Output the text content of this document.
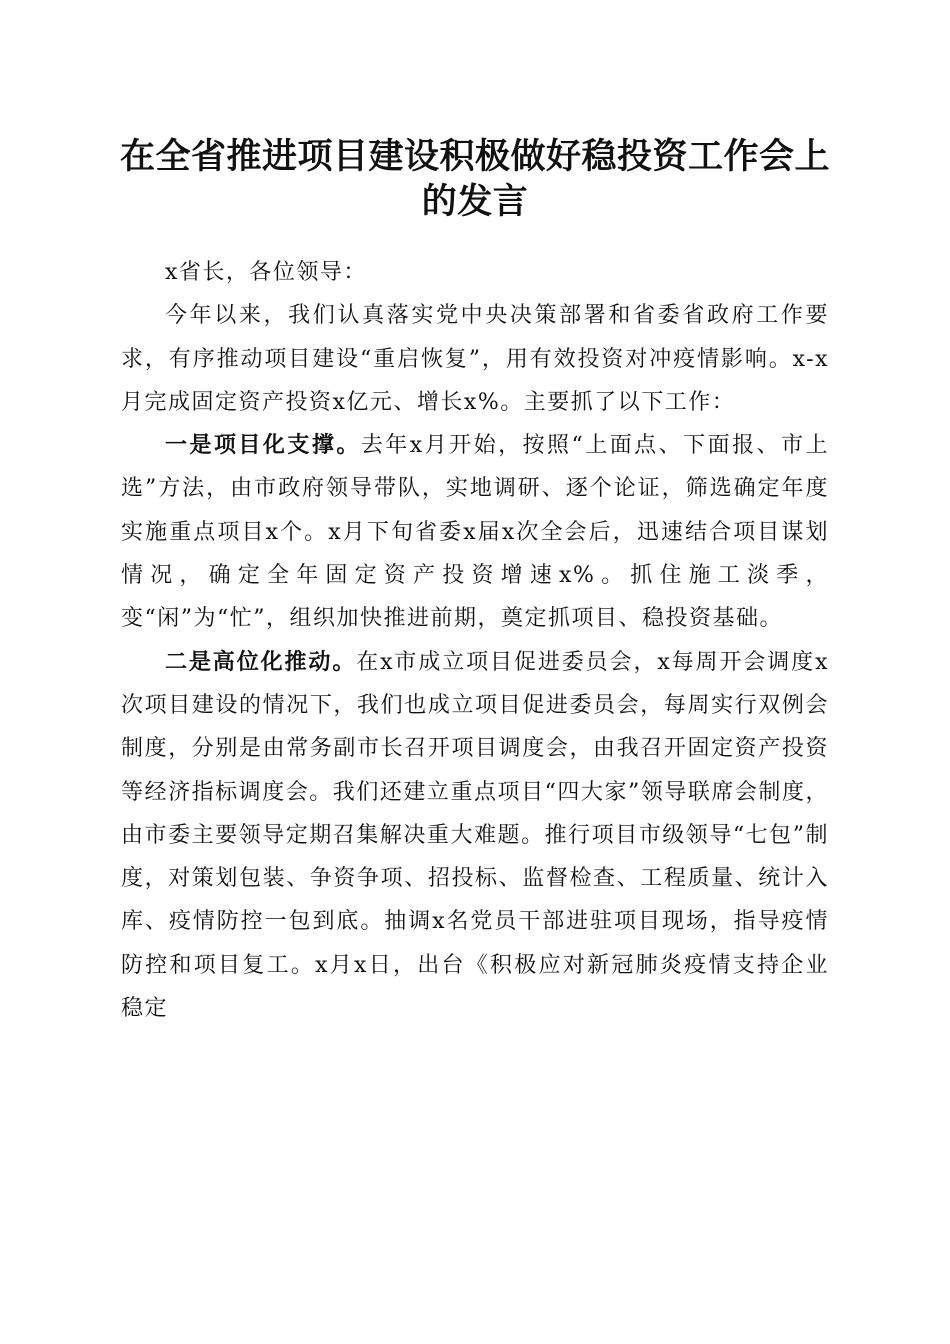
在全省推进项目建设积极做好稳投资工作会上
的发言

x省长，各位领导：

今年以来，我们认真落实党中央决策部署和省委省政府工作要求，有序推动项目建设“重启恢复”，用有效投资对冲疫情影响。x-x月完成固定资产投资x亿元、增长x%。主要抓了以下工作：

一是项目化支撑。去年x月开始，按照“上面点、下面报、市上选”方法，由市政府领导带队，实地调研、逐个论证，筛选确定年度实施重点项目x个。x月下旬省委x届x次全会后，迅速结合项目谋划情况，确定全年固定资产投资增速x%。抓住施工淡季，变“闲”为“忙”，组织加快推进前期，奠定抓项目、稳投资基础。

二是高位化推动。在x市成立项目促进委员会，x每周开会调度x次项目建设的情况下，我们也成立项目促进委员会，每周实行双例会制度，分别是由常务副市长召开项目调度会，由我召开固定资产投资等经济指标调度会。我们还建立重点项目“四大家”领导联席会制度，由市委主要领导定期召集解决重大难题。推行项目市级领导“七包”制度，对策划包装、争资争项、招投标、监督检查、工程质量、统计入库、疫情防控一包到底。抽调x名党员干部进驻项目现场，指导疫情防控和项目复工。x月x日，出台《积极应对新冠肺炎疫情支持企业稳定
